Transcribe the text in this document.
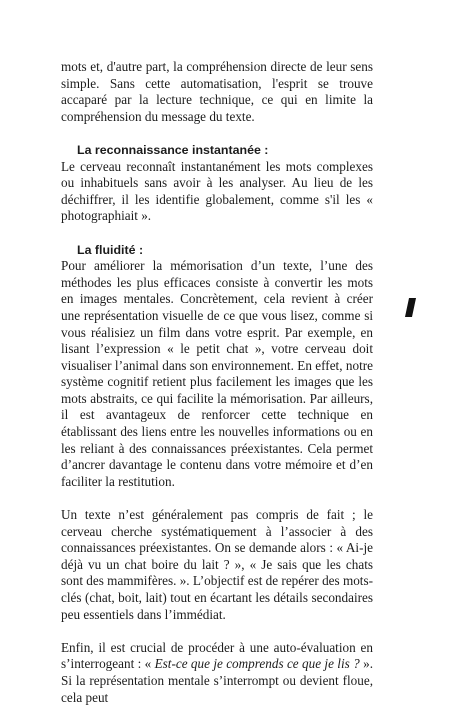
mots et, d'autre part, la compréhension directe de leur sens simple. Sans cette automatisation, l'esprit se trouve accaparé par la lecture technique, ce qui en limite la compréhension du message du texte.

La reconnaissance instantanée :

Le cerveau reconnaît instantanément les mots complexes ou inhabituels sans avoir à les analyser. Au lieu de les déchiffrer, il les identifie globalement, comme s'il les « photographiait ».

La fluidité :

Pour améliorer la mémorisation d’un texte, l’une des méthodes les plus efficaces consiste à convertir les mots en images mentales. Concrètement, cela revient à créer une représentation visuelle de ce que vous lisez, comme si vous réalisiez un film dans votre esprit. Par exemple, en lisant l’expression « le petit chat », votre cerveau doit visualiser l’animal dans son environnement. En effet, notre système cognitif retient plus facilement les images que les mots abstraits, ce qui facilite la mémorisation. Par ailleurs, il est avantageux de renforcer cette technique en établissant des liens entre les nouvelles informations ou en les reliant à des connaissances préexistantes. Cela permet d’ancrer davantage le contenu dans votre mémoire et d’en faciliter la restitution.

Un texte n’est généralement pas compris de fait ; le cerveau cherche systématiquement à l’associer à des connaissances préexistantes. On se demande alors : « Ai-je déjà vu un chat boire du lait ? », « Je sais que les chats sont des mammifères. ». L’objectif est de repérer des mots-clés (chat, boit, lait) tout en écartant les détails secondaires peu essentiels dans l’immédiat.

Enfin, il est crucial de procéder à une auto-évaluation en s’interrogeant : « Est-ce que je comprends ce que je lis ? ». Si la représentation mentale s’interrompt ou devient floue, cela peut
